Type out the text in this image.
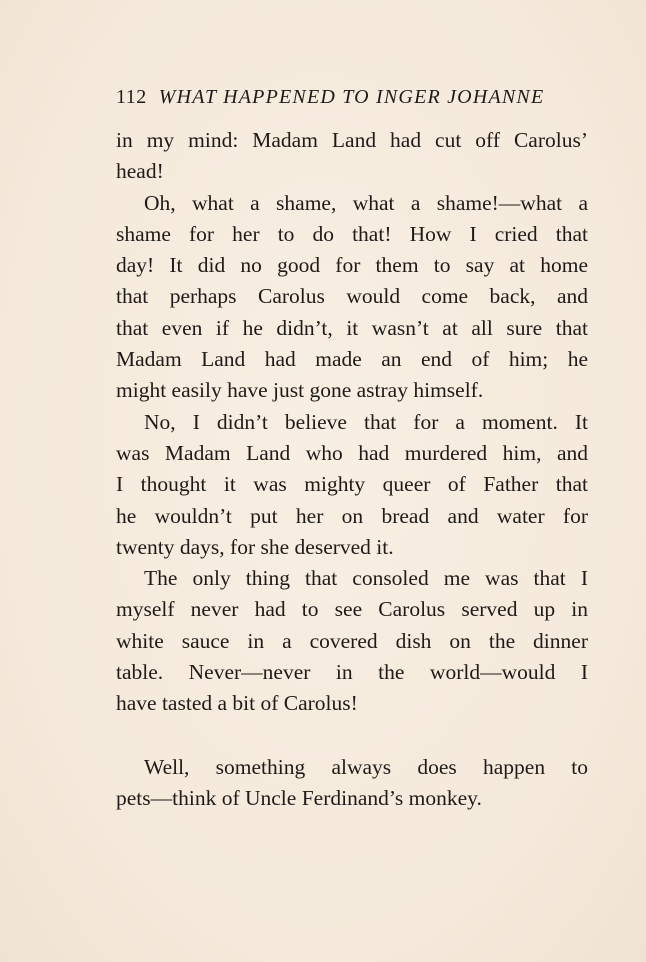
112 WHAT HAPPENED TO INGER JOHANNE
in my mind: Madam Land had cut off Carolus’
head!
Oh, what a shame, what a shame!—what a
shame for her to do that! How I cried that
day! It did no good for them to say at home
that perhaps Carolus would come back, and
that even if he didn’t, it wasn’t at all sure that
Madam Land had made an end of him; he
might easily have just gone astray himself.
No, I didn’t believe that for a moment. It
was Madam Land who had murdered him, and
I thought it was mighty queer of Father that
he wouldn’t put her on bread and water for
twenty days, for she deserved it.
The only thing that consoled me was that I
myself never had to see Carolus served up in
white sauce in a covered dish on the dinner
table. Never—never in the world—would I
have tasted a bit of Carolus!
Well, something always does happen to
pets—think of Uncle Ferdinand’s monkey.
